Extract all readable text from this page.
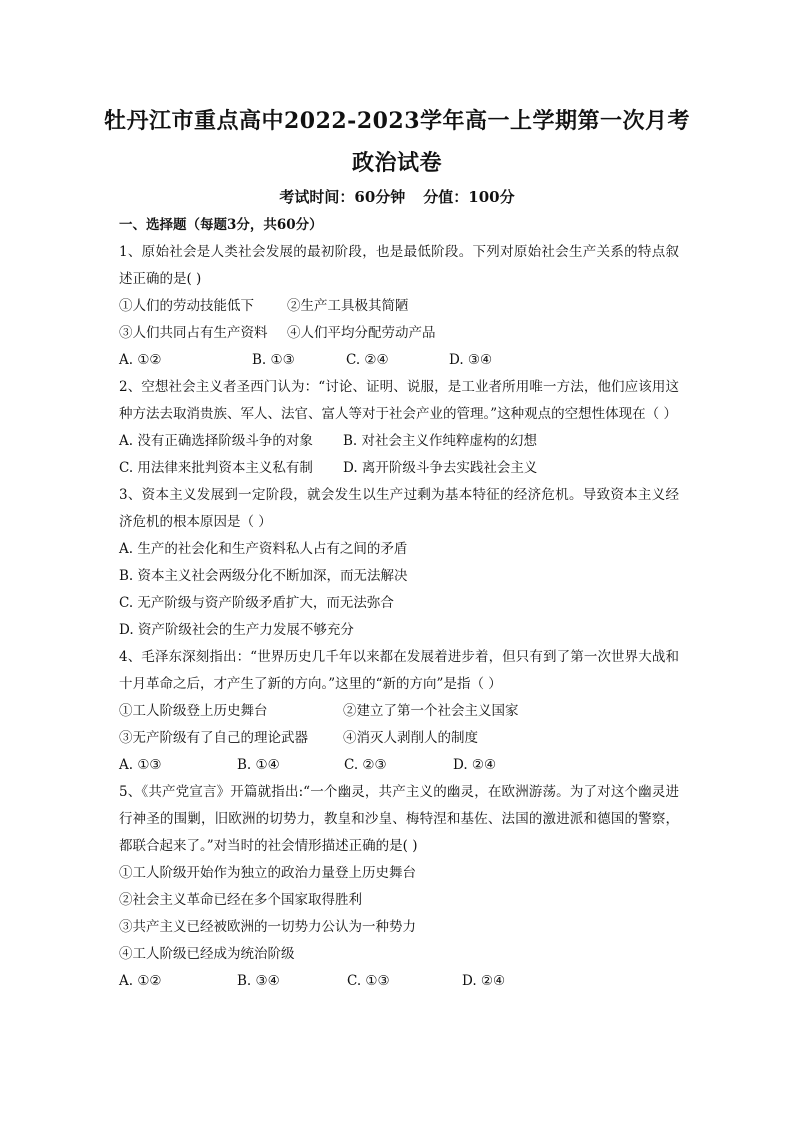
牡丹江市重点高中2022-2023学年高一上学期第一次月考
政治试卷
考试时间：60分钟 分值：100分
一、选择题（每题3分，共60分）
1、原始社会是人类社会发展的最初阶段，也是最低阶段。下列对原始社会生产关系的特点叙述正确的是( )
①人们的劳动技能低下	②生产工具极其简陋
③人们共同占有生产资料	④人们平均分配劳动产品
A. ①②	B. ①③	C. ②④	D. ③④
2、空想社会主义者圣西门认为：“讨论、证明、说服，是工业者所用唯一方法，他们应该用这种方法去取消贵族、军人、法官、富人等对于社会产业的管理。”这种观点的空想性体现在（ ）
A. 没有正确选择阶级斗争的对象	B. 对社会主义作纯粹虚构的幻想
C. 用法律来批判资本主义私有制	D. 离开阶级斗争去实践社会主义
3、资本主义发展到一定阶段，就会发生以生产过剩为基本特征的经济危机。导致资本主义经济危机的根本原因是（ ）
A. 生产的社会化和生产资料私人占有之间的矛盾
B. 资本主义社会两级分化不断加深，而无法解决
C. 无产阶级与资产阶级矛盾扩大，而无法弥合
D. 资产阶级社会的生产力发展不够充分
4、毛泽东深刻指出：“世界历史几千年以来都在发展着进步着，但只有到了第一次世界大战和十月革命之后，才产生了新的方向。”这里的“新的方向”是指（ ）
①工人阶级登上历史舞台	②建立了第一个社会主义国家
③无产阶级有了自己的理论武器	④消灭人剥削人的制度
A. ①③	B. ①④	C. ②③	D. ②④
5、《共产党宣言》开篇就指出:“一个幽灵，共产主义的幽灵，在欧洲游荡。为了对这个幽灵进行神圣的围剿，旧欧洲的切势力，教皇和沙皇、梅特涅和基佐、法国的激进派和德国的警察，都联合起来了。”对当时的社会情形描述正确的是( )
①工人阶级开始作为独立的政治力量登上历史舞台
②社会主义革命已经在多个国家取得胜利
③共产主义已经被欧洲的一切势力公认为一种势力
④工人阶级已经成为统治阶级
A. ①②	B. ③④	C. ①③	D. ②④
